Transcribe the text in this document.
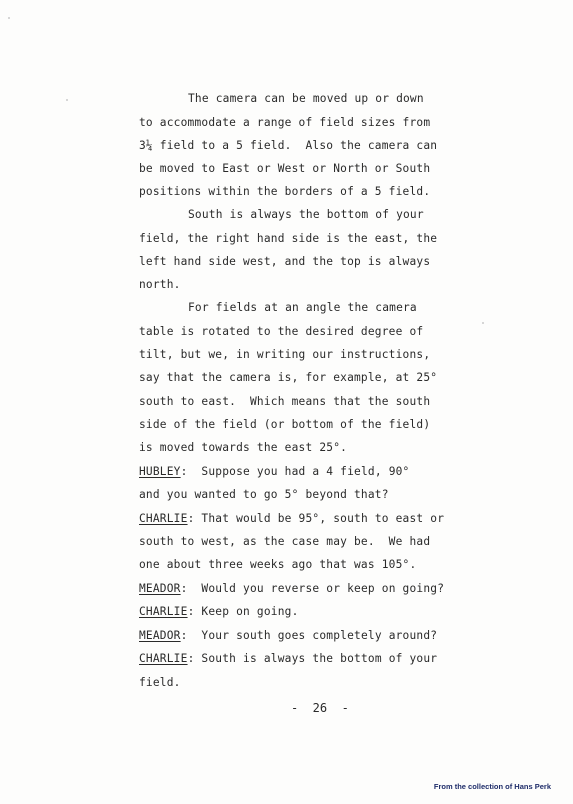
The camera can be moved up or down
to accommodate a range of field sizes from
3¼ field to a 5 field.  Also the camera can
be moved to East or West or North or South
positions within the borders of a 5 field.
South is always the bottom of your
field, the right hand side is the east, the
left hand side west, and the top is always
north.
For fields at an angle the camera
table is rotated to the desired degree of
tilt, but we, in writing our instructions,
say that the camera is, for example, at 25°
south to east.  Which means that the south
side of the field (or bottom of the field)
is moved towards the east 25°.
HUBLEY:  Suppose you had a 4 field, 90°
and you wanted to go 5° beyond that?
CHARLIE: That would be 95°, south to east or
south to west, as the case may be.  We had
one about three weeks ago that was 105°.
MEADOR:  Would you reverse or keep on going?
CHARLIE: Keep on going.
MEADOR:  Your south goes completely around?
CHARLIE: South is always the bottom of your
field.
-  26  -
From the collection of Hans Perk
